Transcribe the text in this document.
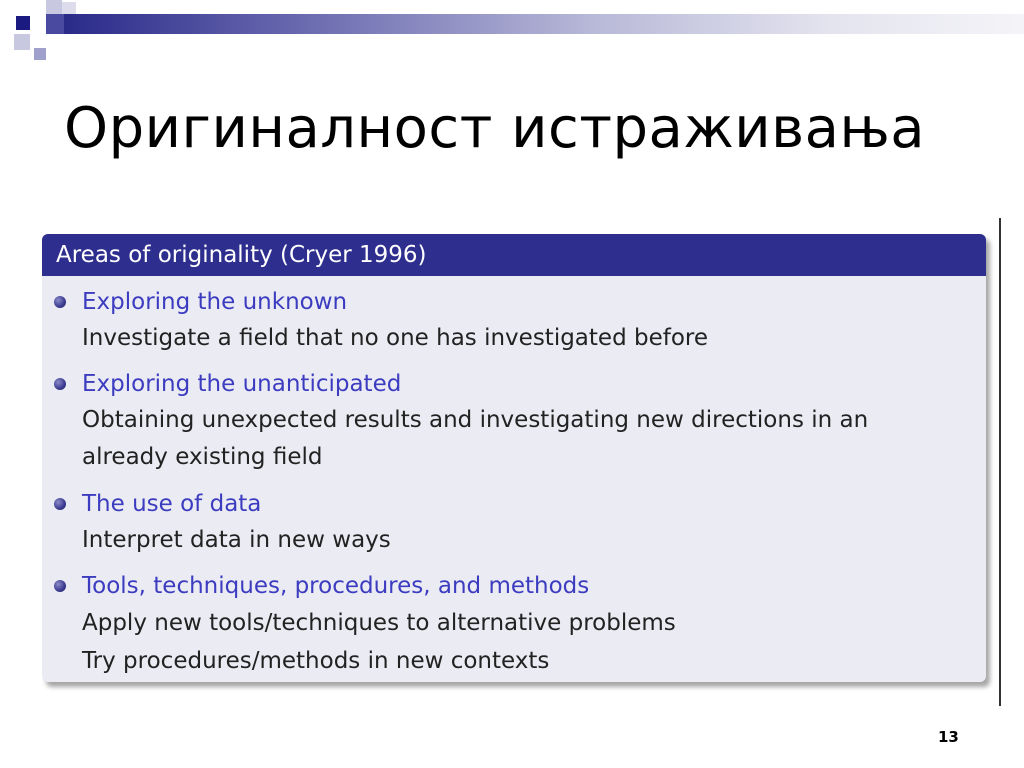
Оригиналност истраживања
Areas of originality (Cryer 1996)

Exploring the unknown

Investigate a field that no one has investigated before

Exploring the unanticipated

Obtaining unexpected results and investigating new directions in an

already existing field

The use of data

Interpret data in new ways

Tools, techniques, procedures, and methods

Apply new tools/techniques to alternative problems

Try procedures/methods in new contexts

13
